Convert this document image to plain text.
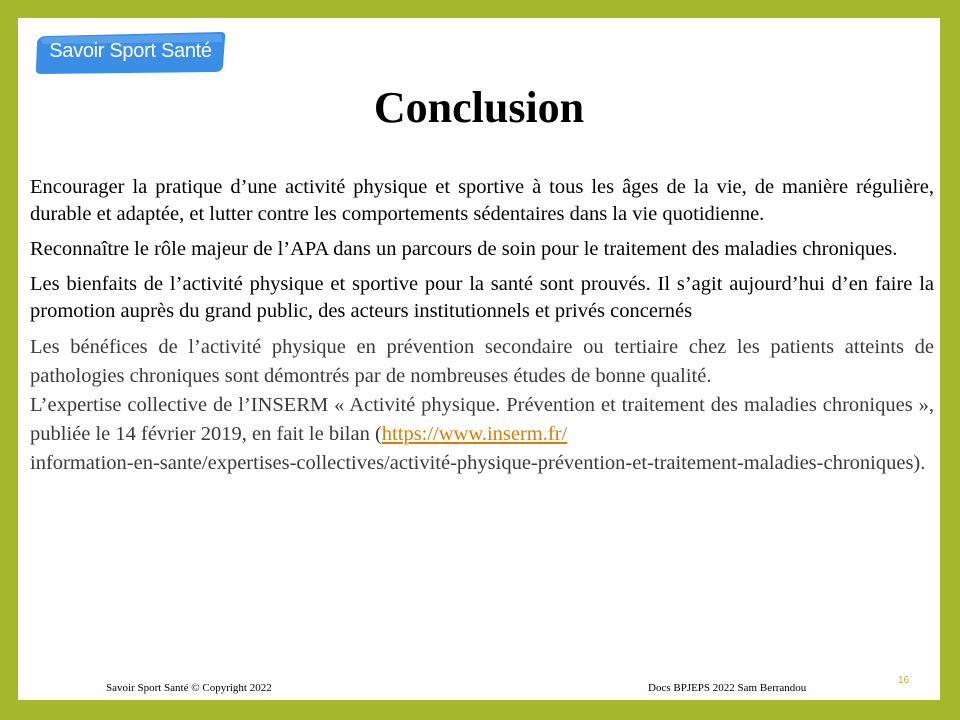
Savoir Sport Santé
Conclusion

Encourager la pratique d’une activité physique et sportive à tous les âges de la vie, de manière régulière, durable et adaptée, et lutter contre les comportements sédentaires dans la vie quotidienne.

Reconnaître le rôle majeur de l’APA dans un parcours de soin pour le traitement des maladies chroniques.

Les bienfaits de l’activité physique et sportive pour la santé sont prouvés. Il s’agit aujourd’hui d’en faire la promotion auprès du grand public, des acteurs institutionnels et privés concernés

Les bénéfices de l’activité physique en prévention secondaire ou tertiaire chez les patients atteints de pathologies chroniques sont démontrés par de nombreuses études de bonne qualité.

L’expertise collective de l’INSERM « Activité physique. Prévention et traitement des maladies chroniques », publiée le 14 février 2019, en fait le bilan (https://www.inserm.fr/
information-en-sante/expertises-collectives/activité-physique-prévention-et-traitement-maladies-chroniques).

Savoir Sport Santé © Copyright 2022	Docs BPJEPS 2022 Sam Berrandou
16
